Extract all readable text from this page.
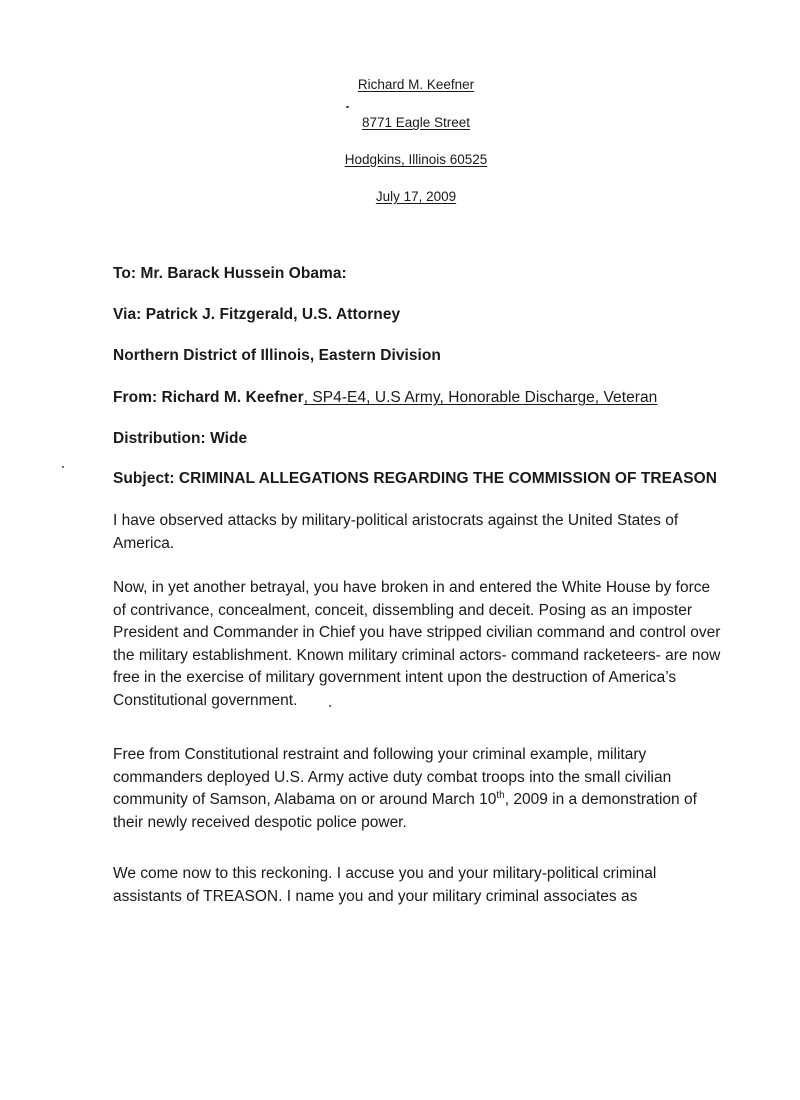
Richard M. Keefner

8771 Eagle Street

Hodgkins, Illinois 60525

July 17, 2009

To: Mr. Barack Hussein Obama:

Via: Patrick J. Fitzgerald, U.S. Attorney

Northern District of Illinois, Eastern Division

From: Richard M. Keefner, SP4-E4, U.S Army, Honorable Discharge, Veteran

Distribution: Wide

Subject: CRIMINAL ALLEGATIONS REGARDING THE COMMISSION OF TREASON

I have observed attacks by military-political aristocrats against the United States of America.

Now, in yet another betrayal, you have broken in and entered the White House by force of contrivance, concealment, conceit, dissembling and deceit. Posing as an imposter President and Commander in Chief you have stripped civilian command and control over the military establishment. Known military criminal actors- command racketeers- are now free in the exercise of military government intent upon the destruction of America’s Constitutional government.

Free from Constitutional restraint and following your criminal example, military commanders deployed U.S. Army active duty combat troops into the small civilian community of Samson, Alabama on or around March 10th, 2009 in a demonstration of their newly received despotic police power.

We come now to this reckoning. I accuse you and your military-political criminal assistants of TREASON. I name you and your military criminal associates as
